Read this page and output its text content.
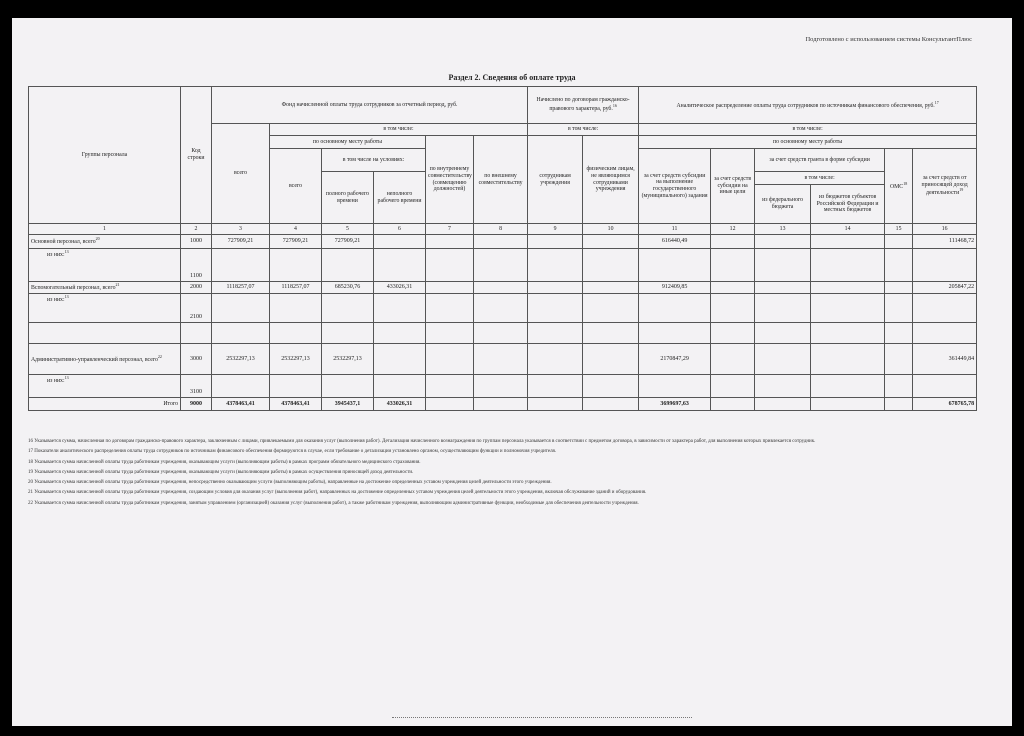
Подготовлено с использованием системы КонсультантПлюс
Раздел 2. Сведения об оплате труда
Группы персонала	Код строки	Фонд начисленной оплаты труда сотрудников за отчетный период, руб.						Начислено по договорам гражданско-правового характера, руб.$^{16}$		Аналитическое распределение оплаты труда сотрудников по источникам финансового обеспечения, руб.$^{17}$
		всего	в том числе:					в том числе:		в том числе:					
			по основному месту работы			по внутреннему совместительству (совмещению должностей)	по внешнему совместительству	сотрудникам учреждения	физическим лицам, не являющимся сотрудниками учреждения	по основному месту работы					
			всего	в том числе на условиях:						за счет средств субсидии на выполнение государственного (муниципального) задания	за счет средств субсидии на иные цели	за счет средств гранта в форме субсидии		ОМС$^{18}$	за счет средств от приносящей доход деятельности$^{19}$
				полного рабочего времени	неполного рабочего времени							в том числе:			
												из федерального бюджета	из бюджетов субъектов Российской Федерации и местных бюджетов		
1	2	3	4	5	6	7	8	9	10	11	12	13	14	15	16
Основной персонал, всего$^{20}$	1000	727909,21	727909,21	727909,21						616440,49					111468,72
из них:$^{13}$	1100														
Вспомогательный персонал, всего$^{21}$	2000	1118257,07	1118257,07	685230,76	433026,31					912409,85					205847,22
из них:$^{13}$	2100														

Административно-управленческий персонал, всего$^{22}$	3000	2532297,13	2532297,13	2532297,13						2170847,29					361449,84
из них:$^{13}$	3100														
Итого	9000	4378463,41	4378463,41	3945437,1	433026,31					3699697,63					678765,78

16 Указывается сумма, начисленная по договорам гражданско-правового характера, заключенным с лицами, привлекаемыми для оказания услуг (выполнения работ). Детализация начисленного вознаграждения по группам персонала указывается в соответствии с предметом договора, в зависимости от характера работ, для выполнения которых привлекается сотрудник.

17 Показатели аналитического распределения оплаты труда сотрудников по источникам финансового обеспечения формируются в случае, если требование о детализации установлено органом, осуществляющим функции и полномочия учредителя.

18 Указывается сумма начисленной оплаты труда работникам учреждения, оказывающим услуги (выполняющим работы) в рамках программ обязательного медицинского страхования.

19 Указывается сумма начисленной оплаты труда работникам учреждения, оказывающим услуги (выполняющим работы) в рамках осуществления приносящей доход деятельности.

20 Указывается сумма начисленной оплаты труда работникам учреждения, непосредственно оказывающим услуги (выполняющим работы), направленные на достижение определенных уставом учреждения целей деятельности этого учреждения.

21 Указывается сумма начисленной оплаты труда работникам учреждения, создающим условия для оказания услуг (выполнения работ), направленных на достижение определенных уставом учреждения целей деятельности этого учреждения, включая обслуживание зданий и оборудования.

22 Указывается сумма начисленной оплаты труда работникам учреждения, занятым управлением (организацией) оказания услуг (выполнения работ), а также работникам учреждения, выполняющим административные функции, необходимые для обеспечения деятельности учреждения.
